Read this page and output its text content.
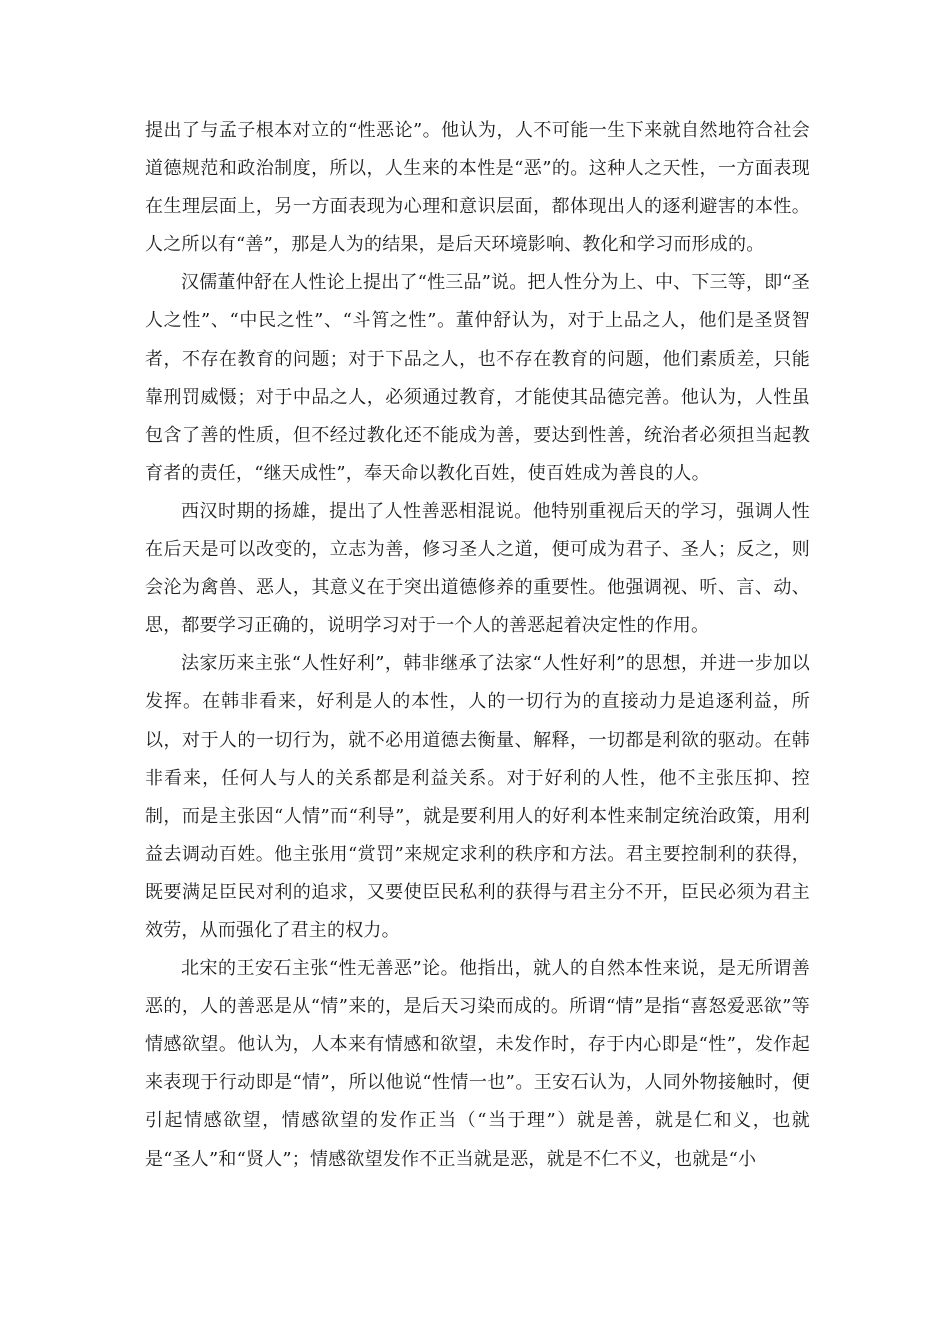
提出了与孟子根本对立的“性恶论”。他认为，人不可能一生下来就自然地符合社会道德规范和政治制度，所以，人生来的本性是“恶”的。这种人之天性，一方面表现在生理层面上，另一方面表现为心理和意识层面，都体现出人的逐利避害的本性。人之所以有“善”，那是人为的结果，是后天环境影响、教化和学习而形成的。

汉儒董仲舒在人性论上提出了“性三品”说。把人性分为上、中、下三等，即“圣人之性”、“中民之性”、“斗筲之性”。董仲舒认为，对于上品之人，他们是圣贤智者，不存在教育的问题；对于下品之人，也不存在教育的问题，他们素质差，只能靠刑罚威慑；对于中品之人，必须通过教育，才能使其品德完善。他认为，人性虽包含了善的性质，但不经过教化还不能成为善，要达到性善，统治者必须担当起教育者的责任，“继天成性”，奉天命以教化百姓，使百姓成为善良的人。

西汉时期的扬雄，提出了人性善恶相混说。他特别重视后天的学习，强调人性在后天是可以改变的，立志为善，修习圣人之道，便可成为君子、圣人；反之，则会沦为禽兽、恶人，其意义在于突出道德修养的重要性。他强调视、听、言、动、思，都要学习正确的，说明学习对于一个人的善恶起着决定性的作用。

法家历来主张“人性好利”，韩非继承了法家“人性好利”的思想，并进一步加以发挥。在韩非看来，好利是人的本性，人的一切行为的直接动力是追逐利益，所以，对于人的一切行为，就不必用道德去衡量、解释，一切都是利欲的驱动。在韩非看来，任何人与人的关系都是利益关系。对于好利的人性，他不主张压抑、控制，而是主张因“人情”而“利导”，就是要利用人的好利本性来制定统治政策，用利益去调动百姓。他主张用“赏罚”来规定求利的秩序和方法。君主要控制利的获得，既要满足臣民对利的追求，又要使臣民私利的获得与君主分不开，臣民必须为君主效劳，从而强化了君主的权力。

北宋的王安石主张“性无善恶”论。他指出，就人的自然本性来说，是无所谓善恶的，人的善恶是从“情”来的，是后天习染而成的。所谓“情”是指“喜怒爱恶欲”等情感欲望。他认为，人本来有情感和欲望，未发作时，存于内心即是“性”，发作起来表现于行动即是“情”，所以他说“性情一也”。王安石认为，人同外物接触时，便引起情感欲望，情感欲望的发作正当（“当于理”）就是善，就是仁和义，也就是“圣人”和“贤人”；情感欲望发作不正当就是恶，就是不仁不义，也就是“小
